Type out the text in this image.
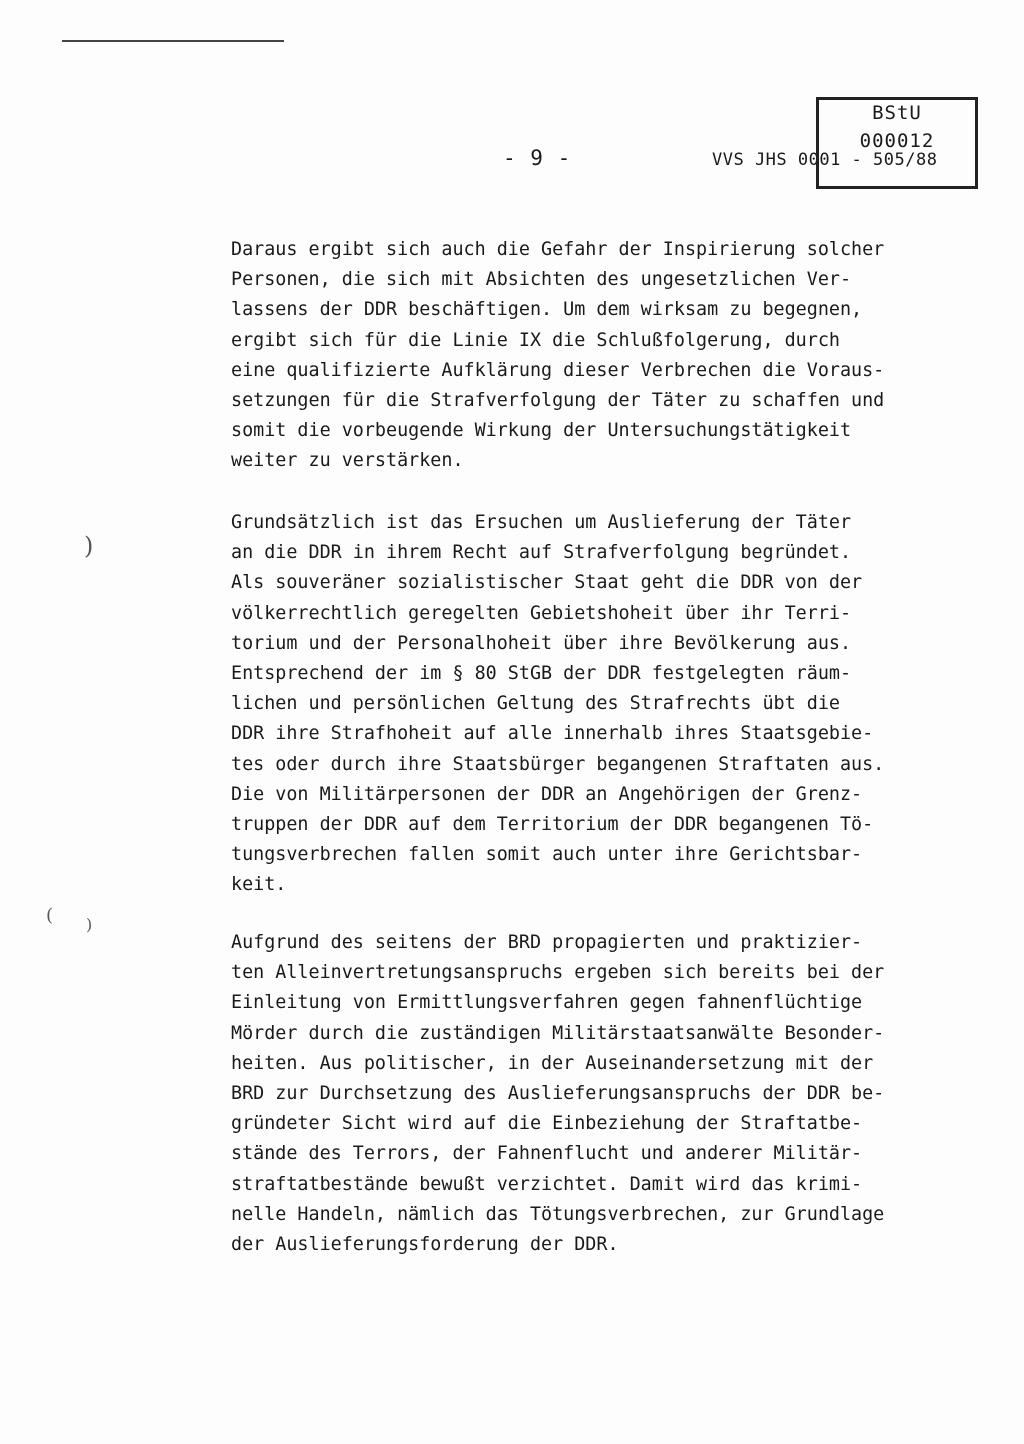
- 9 -	VVS JHS 0001 - 505/88
BStU
000012
Daraus ergibt sich auch die Gefahr der Inspirierung solcher
Personen, die sich mit Absichten des ungesetzlichen Ver-
lassens der DDR beschäftigen. Um dem wirksam zu begegnen,
ergibt sich für die Linie IX die Schlußfolgerung, durch
eine qualifizierte Aufklärung dieser Verbrechen die Voraus-
setzungen für die Strafverfolgung der Täter zu schaffen und
somit die vorbeugende Wirkung der Untersuchungstätigkeit
weiter zu verstärken.
Grundsätzlich ist das Ersuchen um Auslieferung der Täter
an die DDR in ihrem Recht auf Strafverfolgung begründet.
Als souveräner sozialistischer Staat geht die DDR von der
völkerrechtlich geregelten Gebietshoheit über ihr Terri-
torium und der Personalhoheit über ihre Bevölkerung aus.
Entsprechend der im § 80 StGB der DDR festgelegten räum-
lichen und persönlichen Geltung des Strafrechts übt die
DDR ihre Strafhoheit auf alle innerhalb ihres Staatsgebie-
tes oder durch ihre Staatsbürger begangenen Straftaten aus.
Die von Militärpersonen der DDR an Angehörigen der Grenz-
truppen der DDR auf dem Territorium der DDR begangenen Tö-
tungsverbrechen fallen somit auch unter ihre Gerichtsbar-
keit.
Aufgrund des seitens der BRD propagierten und praktizier-
ten Alleinvertretungsanspruchs ergeben sich bereits bei der
Einleitung von Ermittlungsverfahren gegen fahnenflüchtige
Mörder durch die zuständigen Militärstaatsanwälte Besonder-
heiten. Aus politischer, in der Auseinandersetzung mit der
BRD zur Durchsetzung des Auslieferungsanspruchs der DDR be-
gründeter Sicht wird auf die Einbeziehung der Straftatbe-
stände des Terrors, der Fahnenflucht und anderer Militär-
straftatbestände bewußt verzichtet. Damit wird das krimi-
nelle Handeln, nämlich das Tötungsverbrechen, zur Grundlage
der Auslieferungsforderung der DDR.
)
( )
